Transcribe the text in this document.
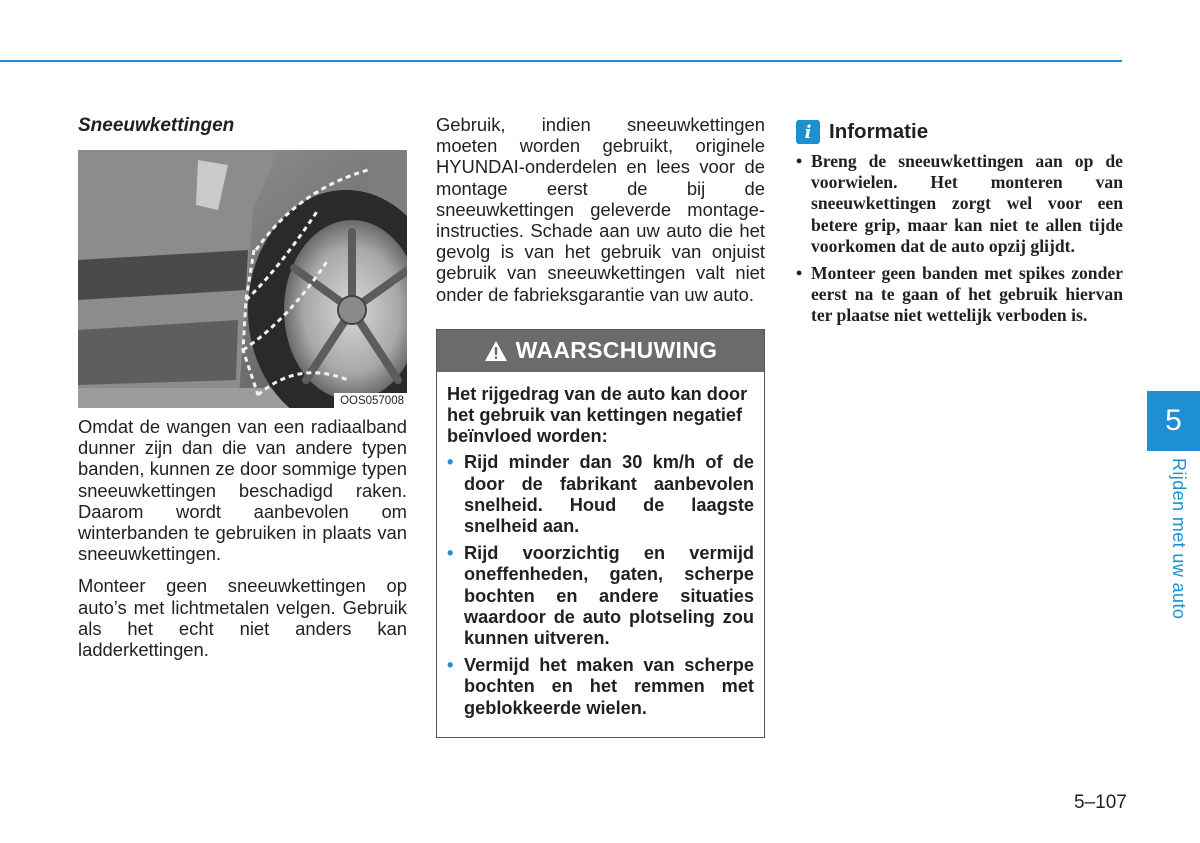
Sneeuwkettingen
OOS057008

Omdat de wangen van een radiaalband dunner zijn dan die van andere typen banden, kunnen ze door sommige typen sneeuwkettingen beschadigd raken. Daarom wordt aanbevolen om winterbanden te gebruiken in plaats van sneeuwkettingen.

Monteer geen sneeuwkettingen op auto’s met lichtmetalen velgen. Gebruik als het echt niet anders kan ladderkettingen.

Gebruik, indien sneeuwkettingen moeten worden gebruikt, originele HYUNDAI-onderdelen en lees voor de montage eerst de bij de sneeuwkettingen geleverde montage-instructies. Schade aan uw auto die het gevolg is van het gebruik van onjuist gebruik van sneeuwkettingen valt niet onder de fabrieksgarantie van uw auto.

WAARSCHUWING

Het rijgedrag van de auto kan door het gebruik van kettingen negatief beïnvloed worden:

• Rijd minder dan 30 km/h of de door de fabrikant aanbevolen snelheid. Houd de laagste snelheid aan.
• Rijd voorzichtig en vermijd oneffenheden, gaten, scherpe bochten en andere situaties waardoor de auto plotseling zou kunnen uitveren.
• Vermijd het maken van scherpe bochten en het remmen met geblokkeerde wielen.
i Informatie
• Breng de sneeuwkettingen aan op de voorwielen. Het monteren van sneeuwkettingen zorgt wel voor een betere grip, maar kan niet te allen tijde voorkomen dat de auto opzij glijdt.
• Monteer geen banden met spikes zonder eerst na te gaan of het gebruik hiervan ter plaatse niet wettelijk verboden is.
5
Rijden met uw auto
5–107
